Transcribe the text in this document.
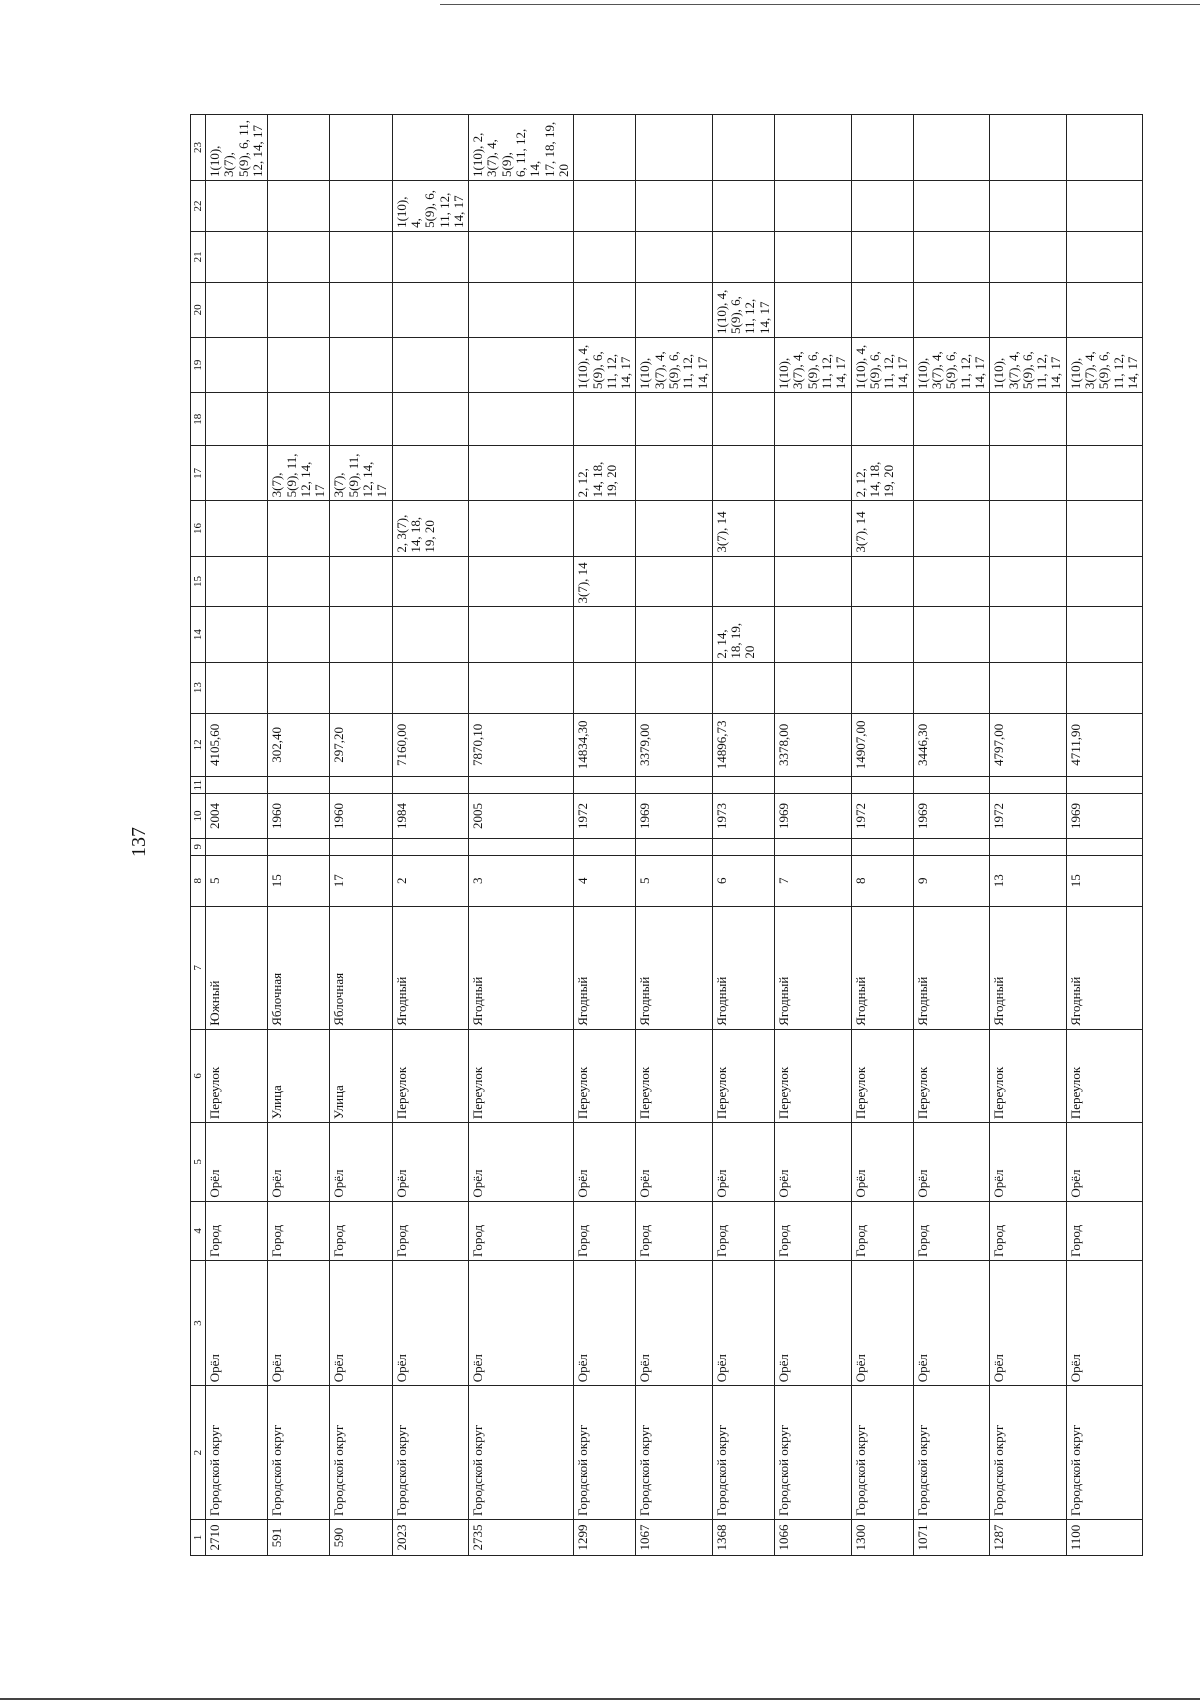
137
1	2	3	4	5	6	7	8	9	10	11	12	13	14	15	16	17	18	19	20	21	22	23
2710	Городской округ	Орёл	Город	Орёл	Переулок	Южный	5		2004		4105,60											1(10), 3(7),
5(9), 6, 11,
12, 14, 17
591	Городской округ	Орёл	Город	Орёл	Улица	Яблочная	15		1960		302,40					3(7),
5(9), 11,
12, 14,
17						
590	Городской округ	Орёл	Город	Орёл	Улица	Яблочная	17		1960		297,20					3(7),
5(9), 11,
12, 14,
17						
2023	Городской округ	Орёл	Город	Орёл	Переулок	Ягодный	2		1984		7160,00				2, 3(7),
14, 18,
19, 20						1(10), 4,
5(9), 6,
11, 12,
14, 17	
2735	Городской округ	Орёл	Город	Орёл	Переулок	Ягодный	3		2005		7870,10											1(10), 2,
3(7), 4, 5(9),
6, 11, 12, 14,
17, 18, 19,
20
1299	Городской округ	Орёл	Город	Орёл	Переулок	Ягодный	4		1972		14834,30			3(7), 14		2, 12,
14, 18,
19, 20		1(10), 4,
5(9), 6,
11, 12,
14, 17				
1067	Городской округ	Орёл	Город	Орёл	Переулок	Ягодный	5		1969		3379,00							1(10),
3(7), 4,
5(9), 6,
11, 12,
14, 17				
1368	Городской округ	Орёл	Город	Орёл	Переулок	Ягодный	6		1973		14896,73		2, 14,
18, 19,
20		3(7), 14				1(10), 4,
5(9), 6,
11, 12,
14, 17			
1066	Городской округ	Орёл	Город	Орёл	Переулок	Ягодный	7		1969		3378,00							1(10),
3(7), 4,
5(9), 6,
11, 12,
14, 17				
1300	Городской округ	Орёл	Город	Орёл	Переулок	Ягодный	8		1972		14907,00				3(7), 14	2, 12,
14, 18,
19, 20		1(10), 4,
5(9), 6,
11, 12,
14, 17				
1071	Городской округ	Орёл	Город	Орёл	Переулок	Ягодный	9		1969		3446,30							1(10),
3(7), 4,
5(9), 6,
11, 12,
14, 17				
1287	Городской округ	Орёл	Город	Орёл	Переулок	Ягодный	13		1972		4797,00							1(10),
3(7), 4,
5(9), 6,
11, 12,
14, 17				
1100	Городской округ	Орёл	Город	Орёл	Переулок	Ягодный	15		1969		4711,90							1(10),
3(7), 4,
5(9), 6,
11, 12,
14, 17				
